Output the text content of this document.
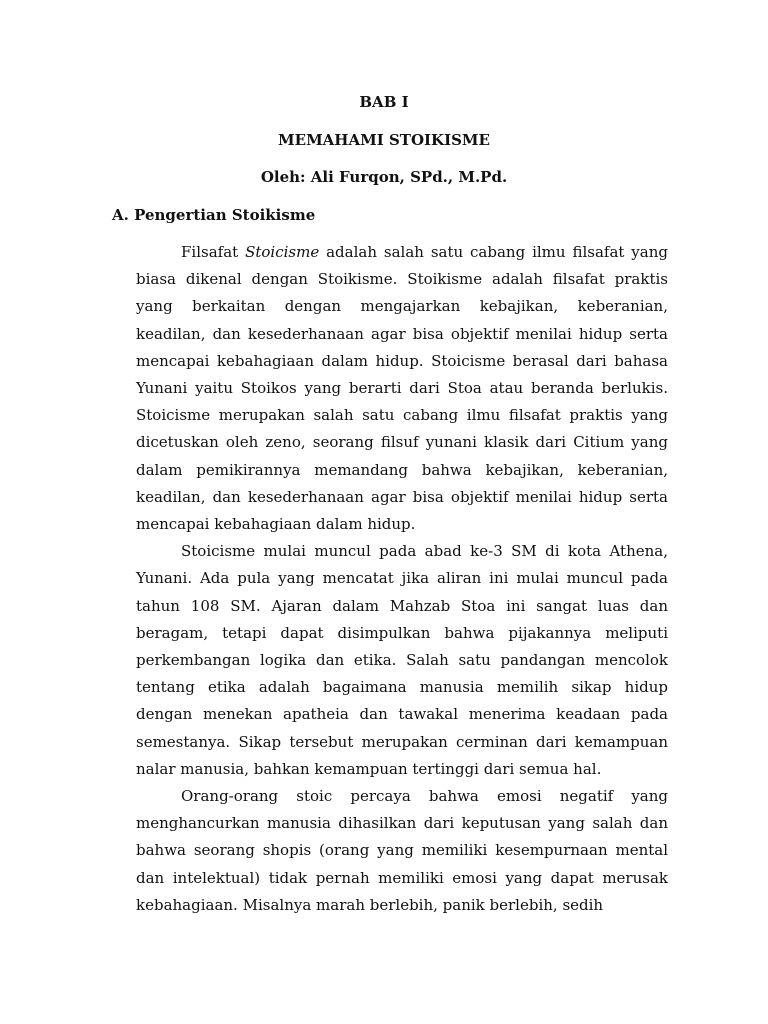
BAB I
MEMAHAMI STOIKISME

Oleh: Ali Furqon, SPd., M.Pd.

A. Pengertian Stoikisme

Filsafat Stoicisme adalah salah satu cabang ilmu filsafat yang biasa dikenal dengan Stoikisme. Stoikisme adalah filsafat praktis yang berkaitan dengan mengajarkan kebajikan, keberanian, keadilan, dan kesederhanaan agar bisa objektif menilai hidup serta mencapai kebahagiaan dalam hidup. Stoicisme berasal dari bahasa Yunani yaitu Stoikos yang berarti dari Stoa atau beranda berlukis. Stoicisme merupakan salah satu cabang ilmu filsafat praktis yang dicetuskan oleh zeno, seorang filsuf yunani klasik dari Citium yang dalam pemikirannya memandang bahwa kebajikan, keberanian, keadilan, dan kesederhanaan agar bisa objektif menilai hidup serta mencapai kebahagiaan dalam hidup.

Stoicisme mulai muncul pada abad ke-3 SM di kota Athena, Yunani. Ada pula yang mencatat jika aliran ini mulai muncul pada tahun 108 SM. Ajaran dalam Mahzab Stoa ini sangat luas dan beragam, tetapi dapat disimpulkan bahwa pijakannya meliputi perkembangan logika dan etika. Salah satu pandangan mencolok tentang etika adalah bagaimana manusia memilih sikap hidup dengan menekan apatheia dan tawakal menerima keadaan pada semestanya. Sikap tersebut merupakan cerminan dari kemampuan nalar manusia, bahkan kemampuan tertinggi dari semua hal.

Orang-orang stoic percaya bahwa emosi negatif yang menghancurkan manusia dihasilkan dari keputusan yang salah dan bahwa seorang shopis (orang yang memiliki kesempurnaan mental dan intelektual) tidak pernah memiliki emosi yang dapat merusak kebahagiaan. Misalnya marah berlebih, panik berlebih, sedih
